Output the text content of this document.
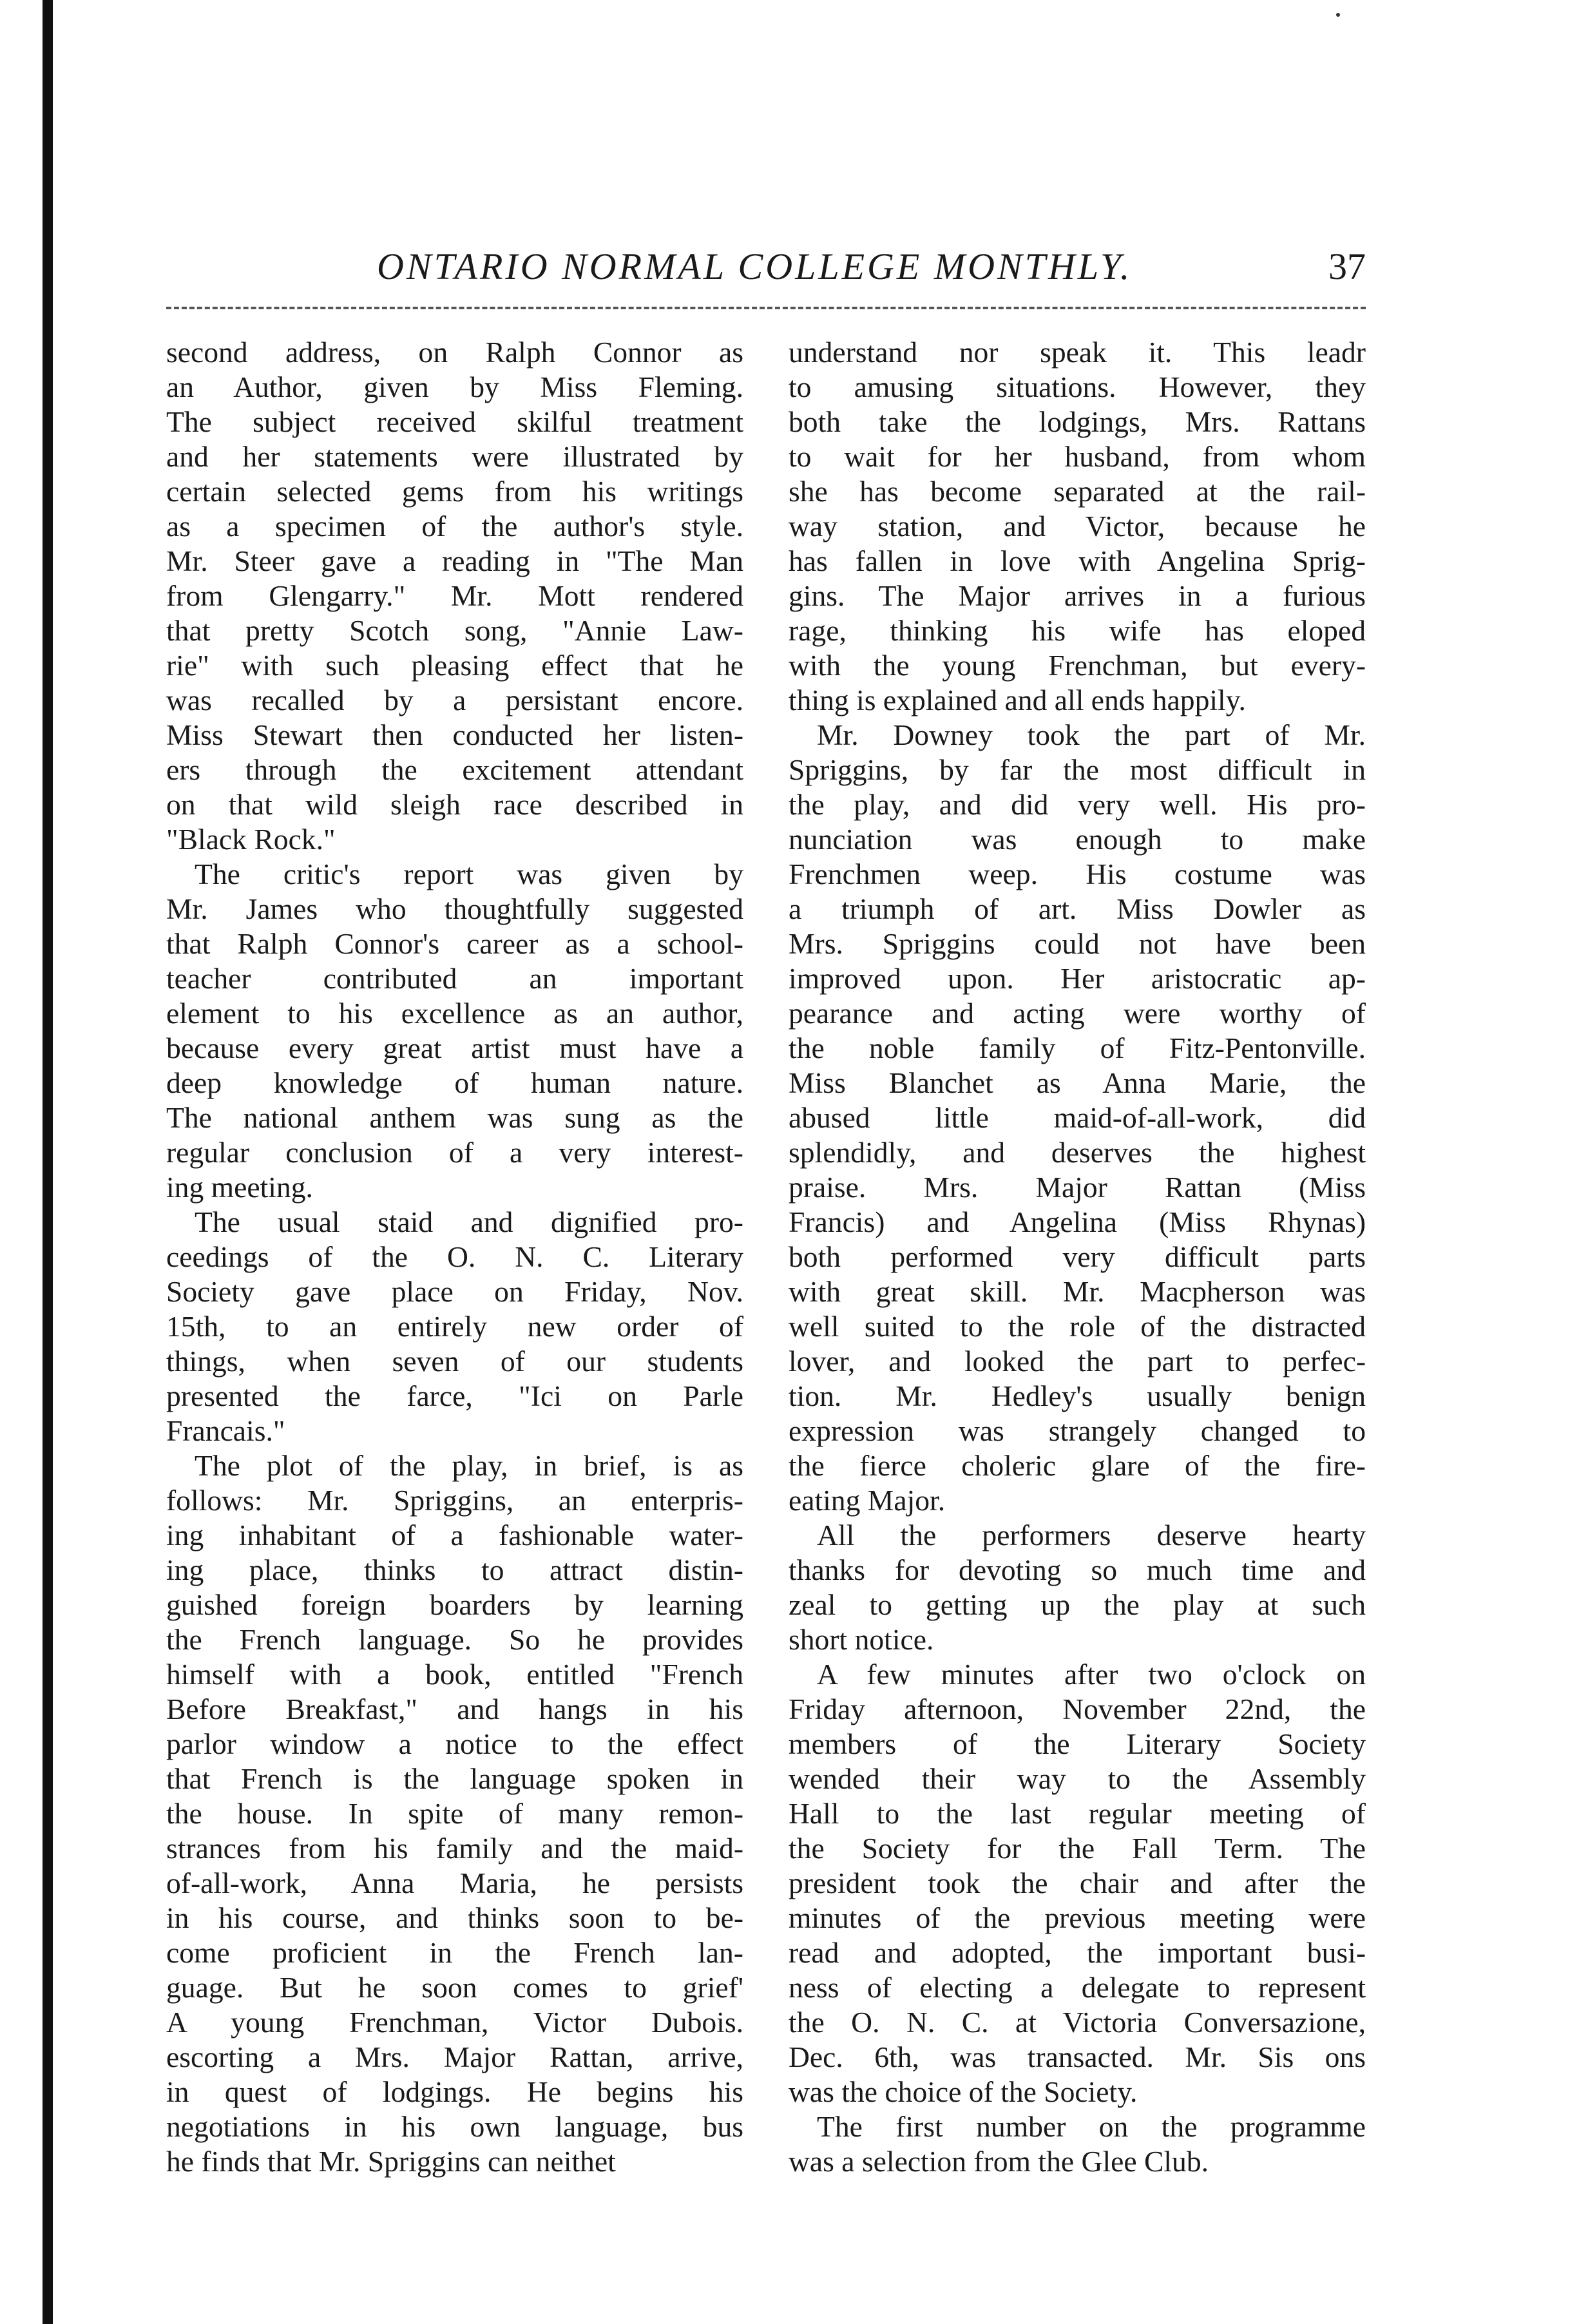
ONTARIO NORMAL COLLEGE MONTHLY.	37
second address, on Ralph Connor as
an Author, given by Miss Fleming.
The subject received skilful treatment
and her statements were illustrated by
certain selected gems from his writings
as a specimen of the author's style.
Mr. Steer gave a reading in "The Man
from Glengarry." Mr. Mott rendered
that pretty Scotch song, "Annie Law-
rie" with such pleasing effect that he
was recalled by a persistant encore.
Miss Stewart then conducted her listen-
ers through the excitement attendant
on that wild sleigh race described in
"Black Rock."
The critic's report was given by
Mr. James who thoughtfully suggested
that Ralph Connor's career as a school-
teacher contributed an important
element to his excellence as an author,
because every great artist must have a
deep knowledge of human nature.
The national anthem was sung as the
regular conclusion of a very interest-
ing meeting.
The usual staid and dignified pro-
ceedings of the O. N. C. Literary
Society gave place on Friday, Nov.
15th, to an entirely new order of
things, when seven of our students
presented the farce, "Ici on Parle
Francais."
The plot of the play, in brief, is as
follows: Mr. Spriggins, an enterpris-
ing inhabitant of a fashionable water-
ing place, thinks to attract distin-
guished foreign boarders by learning
the French language. So he provides
himself with a book, entitled "French
Before Breakfast," and hangs in his
parlor window a notice to the effect
that French is the language spoken in
the house. In spite of many remon-
strances from his family and the maid-
of-all-work, Anna Maria, he persists
in his course, and thinks soon to be-
come proficient in the French lan-
guage. But he soon comes to grief'
A young Frenchman, Victor Dubois.
escorting a Mrs. Major Rattan, arrive,
in quest of lodgings. He begins his
negotiations in his own language, bus
he finds that Mr. Spriggins can neithet
understand nor speak it. This leadr
to amusing situations. However, they
both take the lodgings, Mrs. Rattans
to wait for her husband, from whom
she has become separated at the rail-
way station, and Victor, because he
has fallen in love with Angelina Sprig-
gins. The Major arrives in a furious
rage, thinking his wife has eloped
with the young Frenchman, but every-
thing is explained and all ends happily.
Mr. Downey took the part of Mr.
Spriggins, by far the most difficult in
the play, and did very well. His pro-
nunciation was enough to make
Frenchmen weep. His costume was
a triumph of art. Miss Dowler as
Mrs. Spriggins could not have been
improved upon. Her aristocratic ap-
pearance and acting were worthy of
the noble family of Fitz-Pentonville.
Miss Blanchet as Anna Marie, the
abused little maid-of-all-work, did
splendidly, and deserves the highest
praise. Mrs. Major Rattan (Miss
Francis) and Angelina (Miss Rhynas)
both performed very difficult parts
with great skill. Mr. Macpherson was
well suited to the role of the distracted
lover, and looked the part to perfec-
tion. Mr. Hedley's usually benign
expression was strangely changed to
the fierce choleric glare of the fire-
eating Major.
All the performers deserve hearty
thanks for devoting so much time and
zeal to getting up the play at such
short notice.
A few minutes after two o'clock on
Friday afternoon, November 22nd, the
members of the Literary Society
wended their way to the Assembly
Hall to the last regular meeting of
the Society for the Fall Term. The
president took the chair and after the
minutes of the previous meeting were
read and adopted, the important busi-
ness of electing a delegate to represent
the O. N. C. at Victoria Conversazione,
Dec. 6th, was transacted. Mr. Sis ons
was the choice of the Society.
The first number on the programme
was a selection from the Glee Club.
